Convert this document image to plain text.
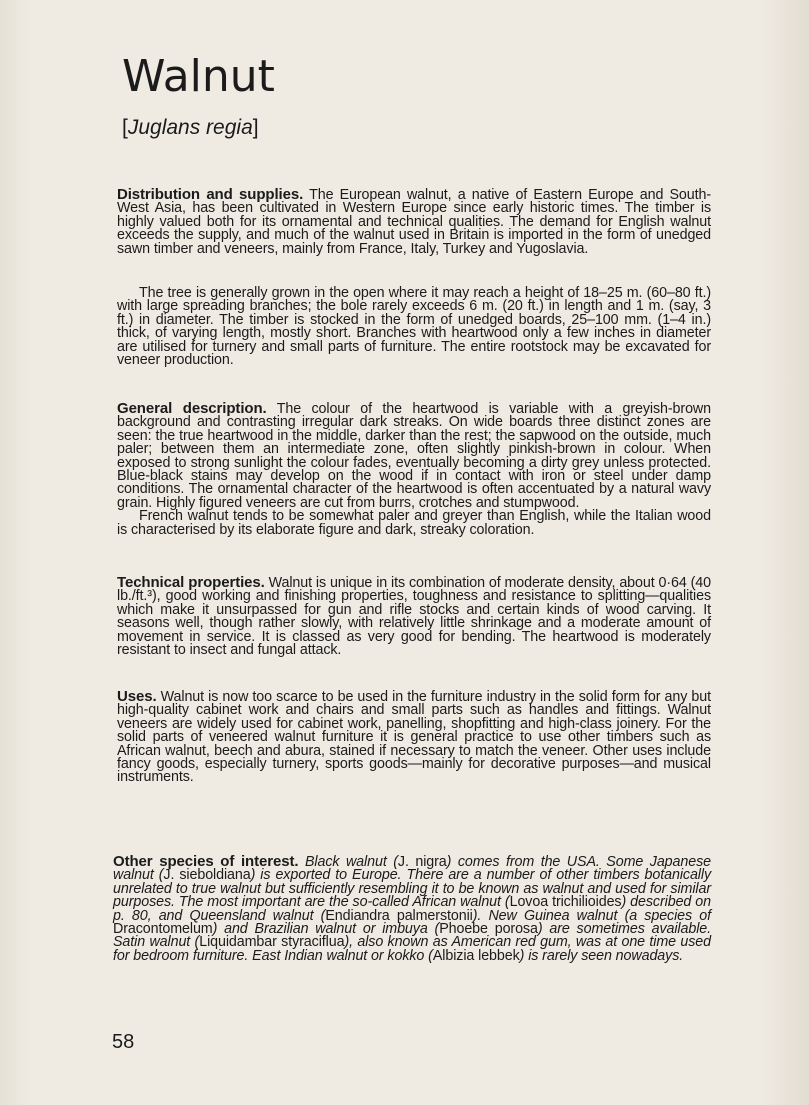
Walnut
[Juglans regia]

Distribution and supplies. The European walnut, a native of Eastern Europe and South-West Asia, has been cultivated in Western Europe since early historic times. The timber is highly valued both for its ornamental and technical qualities. The demand for English walnut exceeds the supply, and much of the walnut used in Britain is imported in the form of unedged sawn timber and veneers, mainly from France, Italy, Turkey and Yugoslavia.

The tree is generally grown in the open where it may reach a height of 18–25 m. (60–80 ft.) with large spreading branches; the bole rarely exceeds 6 m. (20 ft.) in length and 1 m. (say, 3 ft.) in diameter. The timber is stocked in the form of unedged boards, 25–100 mm. (1–4 in.) thick, of varying length, mostly short. Branches with heartwood only a few inches in diameter are utilised for turnery and small parts of furniture. The entire rootstock may be excavated for veneer production.

General description. The colour of the heartwood is variable with a greyish-brown background and contrasting irregular dark streaks. On wide boards three distinct zones are seen: the true heartwood in the middle, darker than the rest; the sapwood on the outside, much paler; between them an intermediate zone, often slightly pinkish-brown in colour. When exposed to strong sunlight the colour fades, eventually becoming a dirty grey unless protected. Blue-black stains may develop on the wood if in contact with iron or steel under damp conditions. The ornamental character of the heartwood is often accentuated by a natural wavy grain. Highly figured veneers are cut from burrs, crotches and stumpwood.

French walnut tends to be somewhat paler and greyer than English, while the Italian wood is characterised by its elaborate figure and dark, streaky coloration.

Technical properties. Walnut is unique in its combination of moderate density, about 0·64 (40 lb./ft.³), good working and finishing properties, toughness and resistance to splitting—qualities which make it unsurpassed for gun and rifle stocks and certain kinds of wood carving. It seasons well, though rather slowly, with relatively little shrinkage and a moderate amount of movement in service. It is classed as very good for bending. The heartwood is moderately resistant to insect and fungal attack.

Uses. Walnut is now too scarce to be used in the furniture industry in the solid form for any but high-quality cabinet work and chairs and small parts such as handles and fittings. Walnut veneers are widely used for cabinet work, panelling, shopfitting and high-class joinery. For the solid parts of veneered walnut furniture it is general practice to use other timbers such as African walnut, beech and abura, stained if necessary to match the veneer. Other uses include fancy goods, especially turnery, sports goods—mainly for decorative purposes—and musical instruments.

Other species of interest. Black walnut (J. nigra) comes from the USA. Some Japanese walnut (J. sieboldiana) is exported to Europe. There are a number of other timbers botanically unrelated to true walnut but sufficiently resembling it to be known as walnut and used for similar purposes. The most important are the so-called African walnut (Lovoa trichilioides) described on p. 80, and Queensland walnut (Endiandra palmerstonii). New Guinea walnut (a species of Dracontomelum) and Brazilian walnut or imbuya (Phoebe porosa) are sometimes available. Satin walnut (Liquidambar styraciflua), also known as American red gum, was at one time used for bedroom furniture. East Indian walnut or kokko (Albizia lebbek) is rarely seen nowadays.

58
